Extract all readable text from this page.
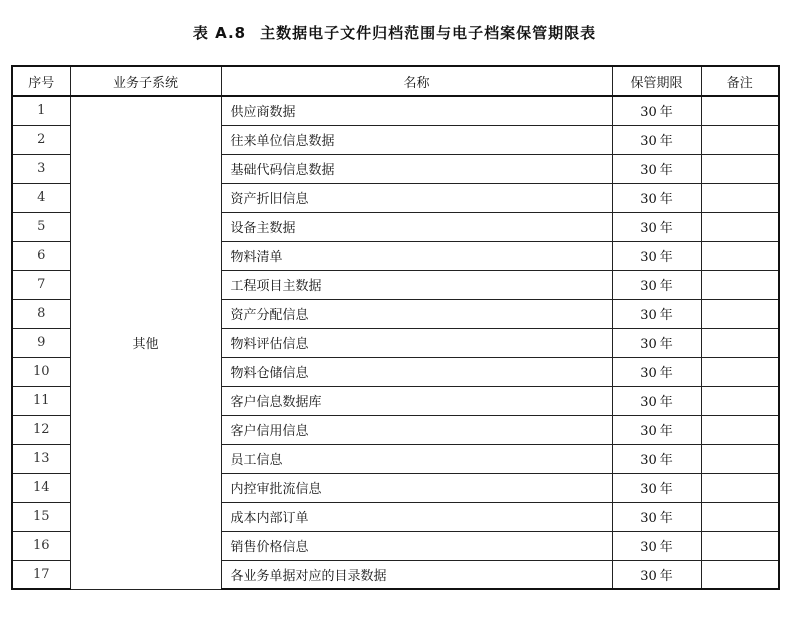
表 A.8 主数据电子文件归档范围与电子档案保管期限表
序号	业务子系统	名称	保管期限	备注
1	其他	供应商数据	30 年	
2		往来单位信息数据	30 年	
3		基础代码信息数据	30 年	
4		资产折旧信息	30 年	
5		设备主数据	30 年	
6		物料清单	30 年	
7		工程项目主数据	30 年	
8		资产分配信息	30 年	
9		物料评估信息	30 年	
10		物料仓储信息	30 年	
11		客户信息数据库	30 年	
12		客户信用信息	30 年	
13		员工信息	30 年	
14		内控审批流信息	30 年	
15		成本内部订单	30 年	
16		销售价格信息	30 年	
17		各业务单据对应的目录数据	30 年	
